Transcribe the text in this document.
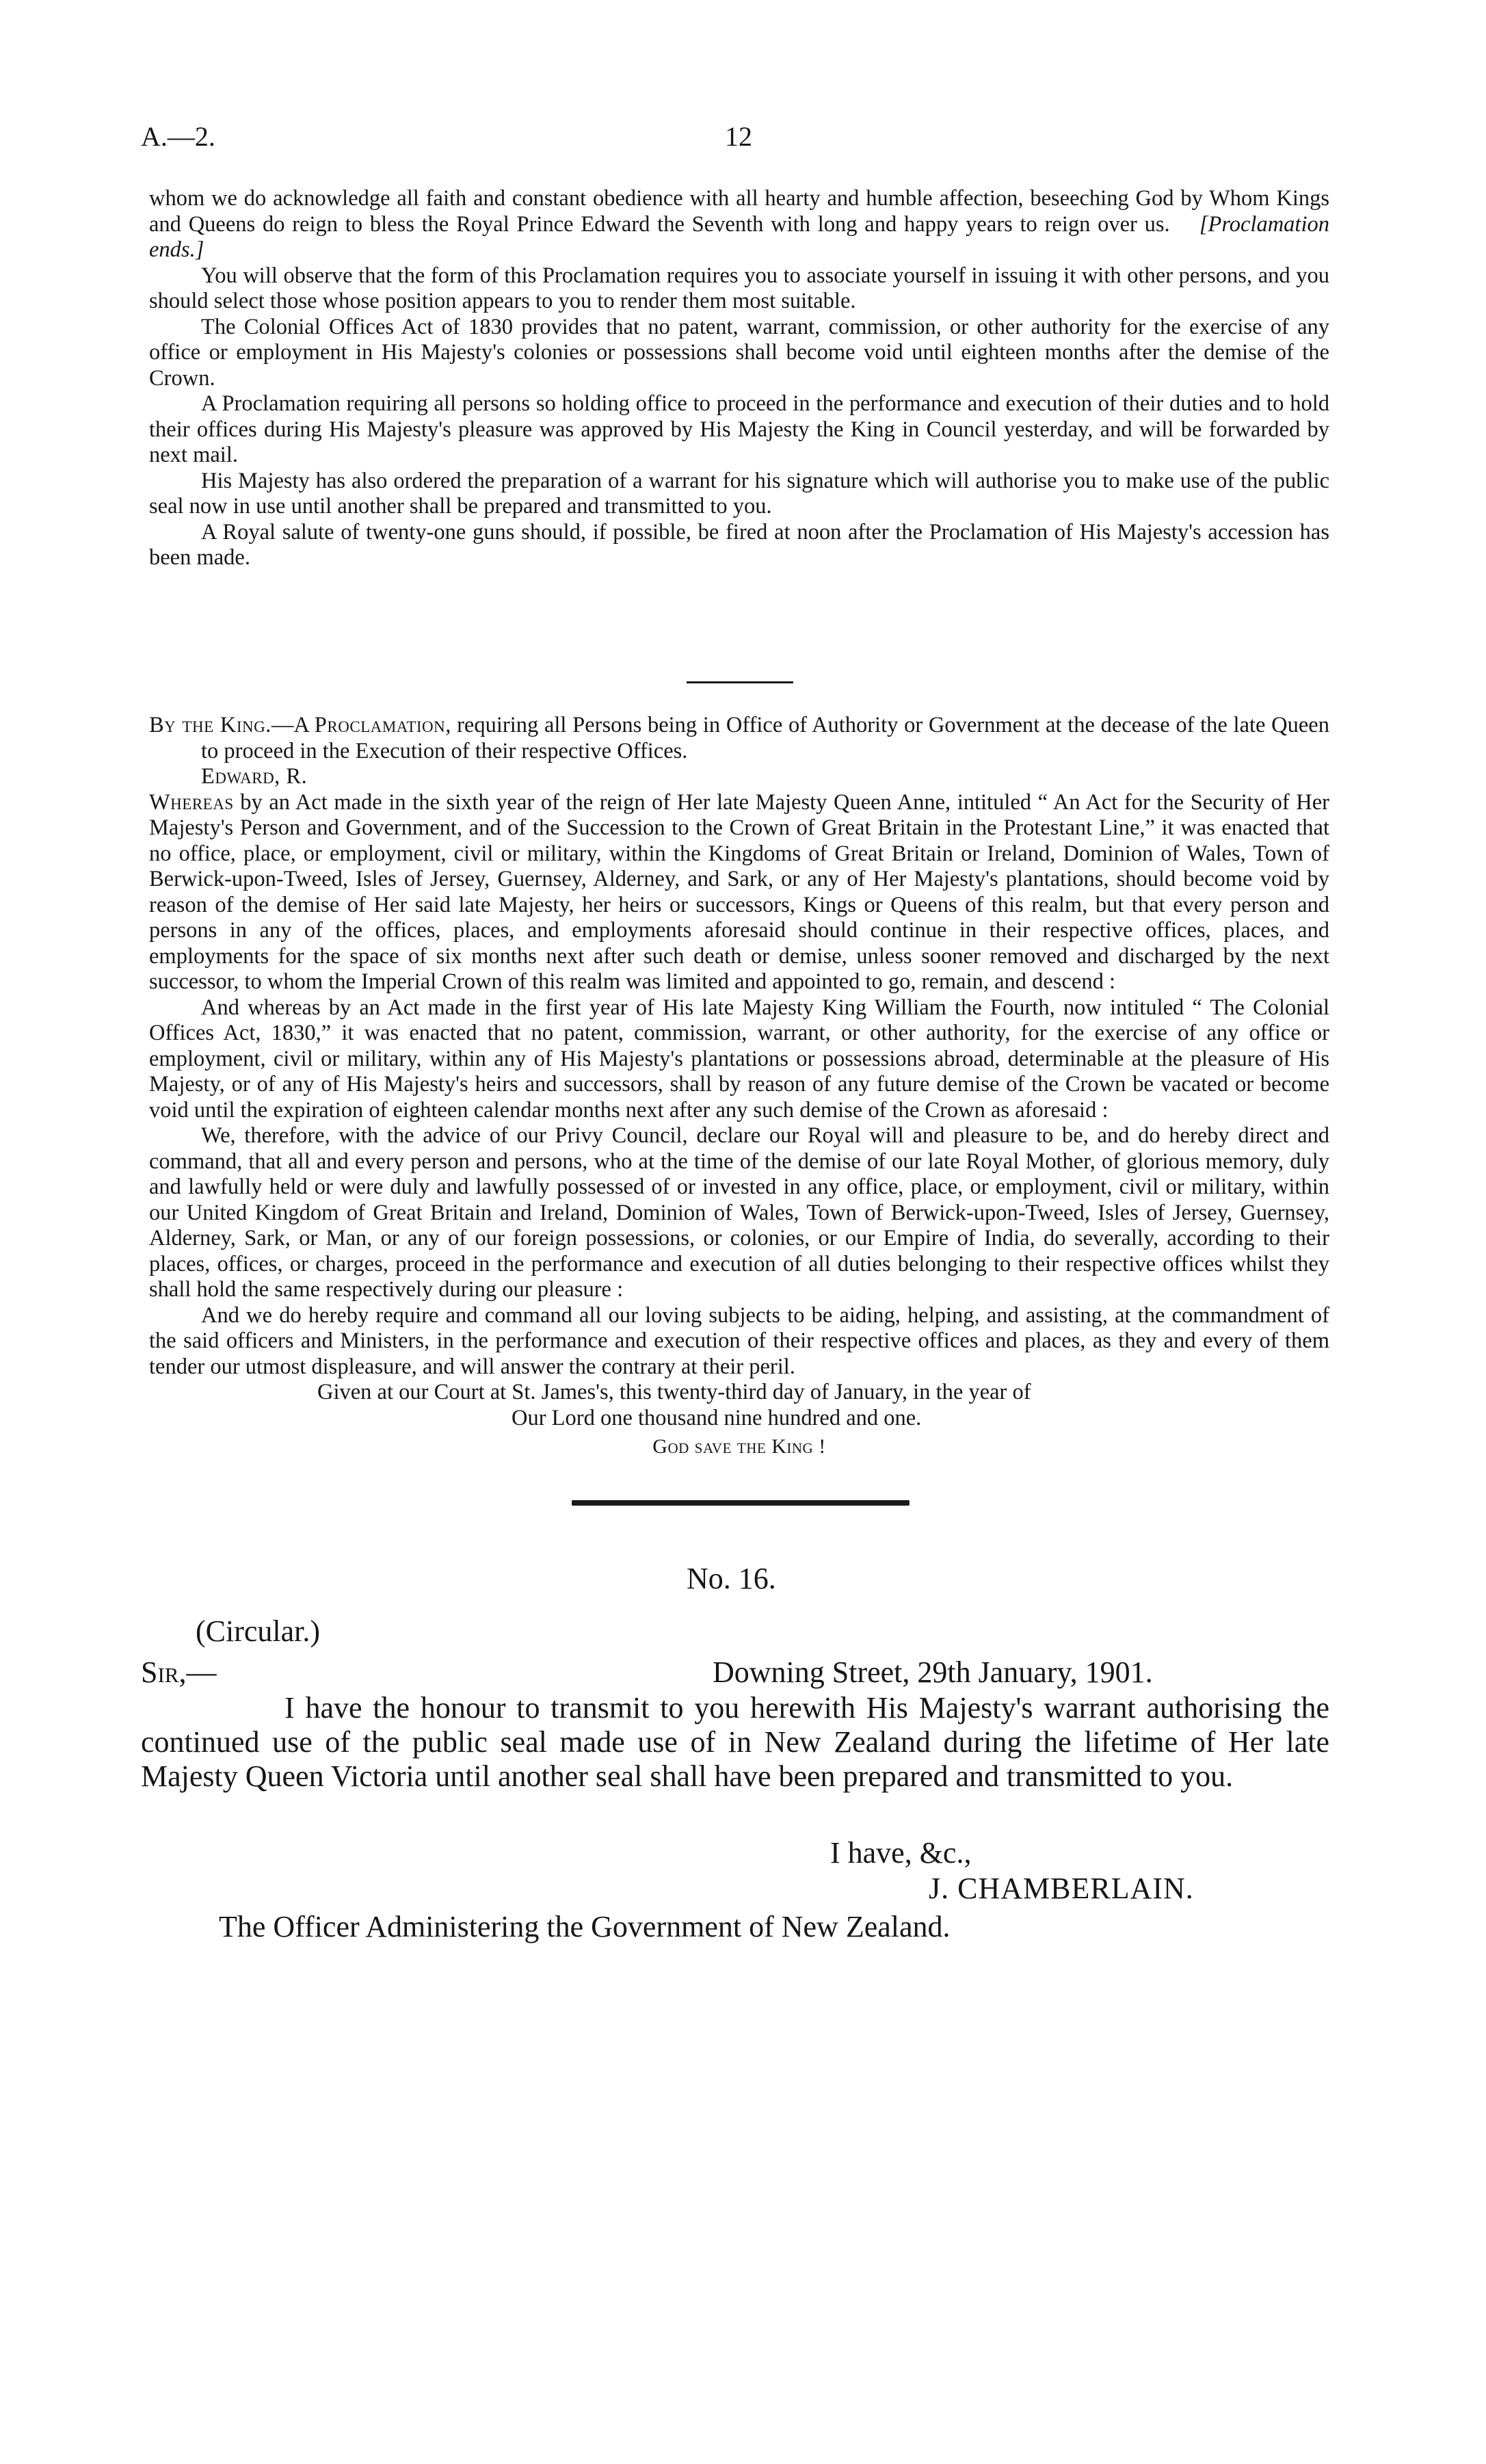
A.—2.	12

whom we do acknowledge all faith and constant obedience with all hearty and humble affection, beseeching God by Whom Kings and Queens do reign to bless the Royal Prince Edward the Seventh with long and happy years to reign over us. [Proclamation ends.]

You will observe that the form of this Proclamation requires you to associate yourself in issuing it with other persons, and you should select those whose position appears to you to render them most suitable.

The Colonial Offices Act of 1830 provides that no patent, warrant, commission, or other authority for the exercise of any office or employment in His Majesty's colonies or possessions shall become void until eighteen months after the demise of the Crown.

A Proclamation requiring all persons so holding office to proceed in the performance and execution of their duties and to hold their offices during His Majesty's pleasure was approved by His Majesty the King in Council yesterday, and will be forwarded by next mail.

His Majesty has also ordered the preparation of a warrant for his signature which will authorise you to make use of the public seal now in use until another shall be prepared and transmitted to you.

A Royal salute of twenty-one guns should, if possible, be fired at noon after the Proclamation of His Majesty's accession has been made.

By the King.—A Proclamation, requiring all Persons being in Office of Authority or Government at the decease of the late Queen to proceed in the Execution of their respective Offices.

Edward, R.

Whereas by an Act made in the sixth year of the reign of Her late Majesty Queen Anne, intituled “ An Act for the Security of Her Majesty's Person and Government, and of the Succession to the Crown of Great Britain in the Protestant Line,” it was enacted that no office, place, or employment, civil or military, within the Kingdoms of Great Britain or Ireland, Dominion of Wales, Town of Berwick-upon-Tweed, Isles of Jersey, Guernsey, Alderney, and Sark, or any of Her Majesty's plantations, should become void by reason of the demise of Her said late Majesty, her heirs or successors, Kings or Queens of this realm, but that every person and persons in any of the offices, places, and employments aforesaid should continue in their respective offices, places, and employments for the space of six months next after such death or demise, unless sooner removed and discharged by the next successor, to whom the Imperial Crown of this realm was limited and appointed to go, remain, and descend :

And whereas by an Act made in the first year of His late Majesty King William the Fourth, now intituled “ The Colonial Offices Act, 1830,” it was enacted that no patent, commission, warrant, or other authority, for the exercise of any office or employment, civil or military, within any of His Majesty's plantations or possessions abroad, determinable at the pleasure of His Majesty, or of any of His Majesty's heirs and successors, shall by reason of any future demise of the Crown be vacated or become void until the expiration of eighteen calendar months next after any such demise of the Crown as aforesaid :

We, therefore, with the advice of our Privy Council, declare our Royal will and pleasure to be, and do hereby direct and command, that all and every person and persons, who at the time of the demise of our late Royal Mother, of glorious memory, duly and lawfully held or were duly and lawfully possessed of or invested in any office, place, or employment, civil or military, within our United Kingdom of Great Britain and Ireland, Dominion of Wales, Town of Berwick-upon-Tweed, Isles of Jersey, Guernsey, Alderney, Sark, or Man, or any of our foreign possessions, or colonies, or our Empire of India, do severally, according to their places, offices, or charges, proceed in the performance and execution of all duties belonging to their respective offices whilst they shall hold the same respectively during our pleasure :

And we do hereby require and command all our loving subjects to be aiding, helping, and assisting, at the commandment of the said officers and Ministers, in the performance and execution of their respective offices and places, as they and every of them tender our utmost displeasure, and will answer the contrary at their peril.

Given at our Court at St. James's, this twenty-third day of January, in the year of

Our Lord one thousand nine hundred and one.

God save the King !

No. 16.
(Circular.)
Sir,—	Downing Street, 29th January, 1901.

I have the honour to transmit to you herewith His Majesty's warrant authorising the continued use of the public seal made use of in New Zealand during the lifetime of Her late Majesty Queen Victoria until another seal shall have been prepared and transmitted to you.

I have, &c.,
J. CHAMBERLAIN.
The Officer Administering the Government of New Zealand.
